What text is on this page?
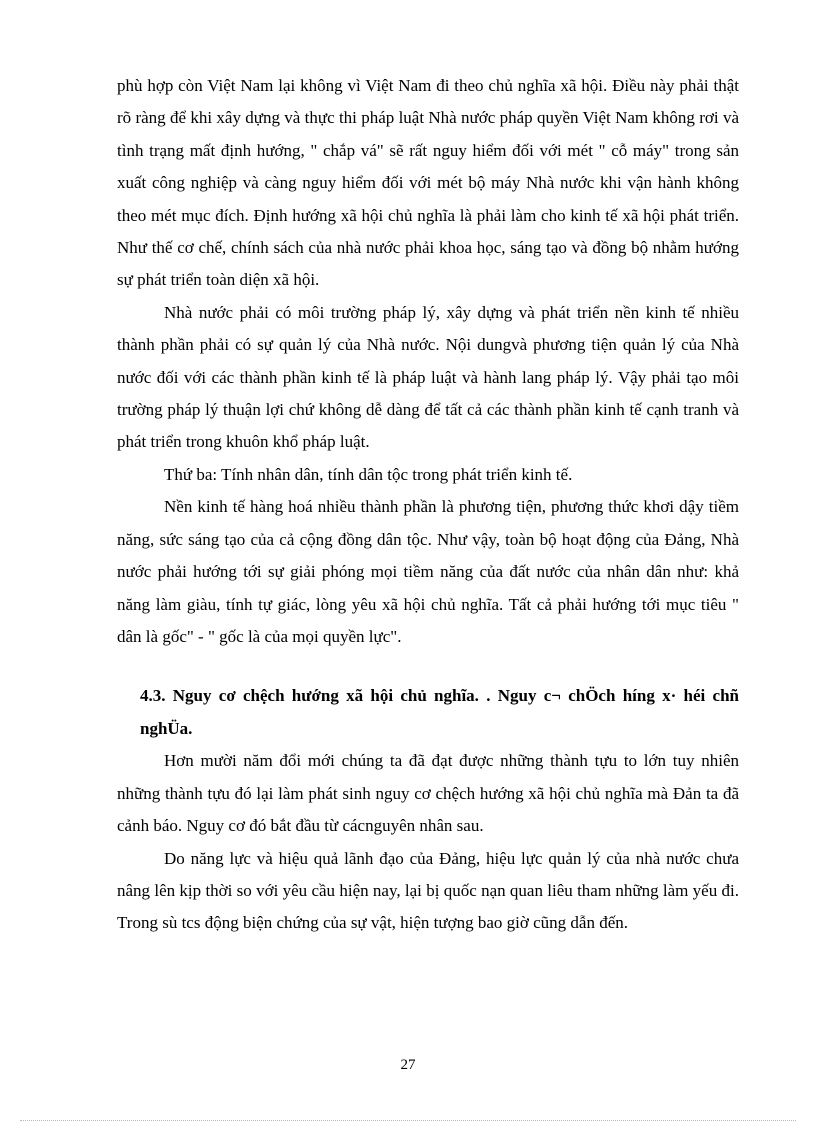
phù hợp còn Việt Nam lại không vì Việt Nam đi theo chủ nghĩa xã hội. Điều này phải thật rõ ràng để khi xây dựng và thực thi pháp luật Nhà nước pháp quyền Việt Nam không rơi và tình trạng mất định hướng, " chắp vá" sẽ rất nguy hiểm đối với mét " cỗ máy" trong sản xuất công nghiệp và càng nguy hiểm đối với mét bộ máy Nhà nước khi vận hành không theo mét mục đích. Định hướng xã hội chủ nghĩa là phải làm cho kinh tế xã hội phát triển. Như thế cơ chế, chính sách của nhà nước phải khoa học, sáng tạo và đồng bộ nhằm hướng sự phát triển toàn diện xã hội.

Nhà nước phải có môi trường pháp lý, xây dựng và phát triển nền kinh tế nhiều thành phần phải có sự quản lý của Nhà nước. Nội dungvà phương tiện quản lý của Nhà nước đối với các thành phần kinh tế là pháp luật và hành lang pháp lý. Vậy phải tạo môi trường pháp lý thuận lợi chứ không dễ dàng để tất cả các thành phần kinh tế cạnh tranh và phát triển trong khuôn khổ pháp luật.

Thứ ba: Tính nhân dân, tính dân tộc trong phát triển kinh tế.

Nền kinh tế hàng hoá nhiều thành phần là phương tiện, phương thức khơi dậy tiềm năng, sức sáng tạo của cả cộng đồng dân tộc. Như vậy, toàn bộ hoạt động của Đảng, Nhà nước phải hướng tới sự giải phóng mọi tiềm năng của đất nước của nhân dân như: khả năng làm giàu, tính tự giác, lòng yêu xã hội chủ nghĩa. Tất cả phải hướng tới mục tiêu " dân là gốc" - " gốc là của mọi quyền lực".

4.3. Nguy cơ chệch hướng xã hội chủ nghĩa. . Nguy c¬ chÖch híng x· héi chñ nghÜa.

Hơn mười năm đổi mới chúng ta đã đạt được những thành tựu to lớn tuy nhiên những thành tựu đó lại làm phát sinh nguy cơ chệch hướng xã hội chủ nghĩa mà Đản ta đã cảnh báo. Nguy cơ đó bắt đầu từ cácnguyên nhân sau.

Do năng lực và hiệu quả lãnh đạo của Đảng, hiệu lực quản lý của nhà nước chưa nâng lên kịp thời so với yêu cầu hiện nay, lại bị quốc nạn quan liêu tham những làm yếu đi. Trong sù tcs động biện chứng của sự vật, hiện tượng bao giờ cũng dẫn đến.

27
